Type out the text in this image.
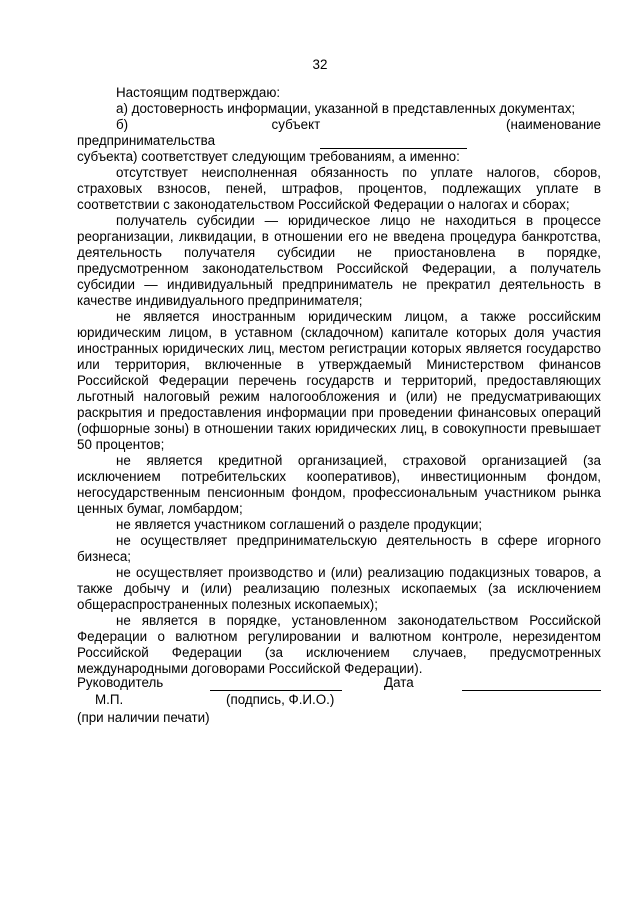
32

Настоящим подтверждаю:

а) достоверность информации, указанной в представленных документах;

б) субъект предпринимательства
(наименование

субъекта) соответствует следующим требованиям, а именно:

отсутствует неисполненная обязанность по уплате налогов, сборов, страховых взносов, пеней, штрафов, процентов, подлежащих уплате в соответствии с законодательством Российской Федерации о налогах и сборах;

получатель субсидии — юридическое лицо не находиться в процессе реорганизации, ликвидации, в отношении его не введена процедура банкротства, деятельность получателя субсидии не приостановлена в порядке, предусмотренном законодательством Российской Федерации, а получатель субсидии — индивидуальный предприниматель не прекратил деятельность в качестве индивидуального предпринимателя;

не является иностранным юридическим лицом, а также российским юридическим лицом, в уставном (складочном) капитале которых доля участия иностранных юридических лиц, местом регистрации которых является государство или территория, включенные в утверждаемый Министерством финансов Российской Федерации перечень государств и территорий, предоставляющих льготный налоговый режим налогообложения и (или) не предусматривающих раскрытия и предоставления информации при проведении финансовых операций (офшорные зоны) в отношении таких юридических лиц, в совокупности превышает 50 процентов;

не является кредитной организацией, страховой организацией (за исключением потребительских кооперативов), инвестиционным фондом, негосударственным пенсионным фондом, профессиональным участником рынка ценных бумаг, ломбардом;

не является участником соглашений о разделе продукции;

не осуществляет предпринимательскую деятельность в сфере игорного бизнеса;

не осуществляет производство и (или) реализацию подакцизных товаров, а также добычу и (или) реализацию полезных ископаемых (за исключением общераспространенных полезных ископаемых);

не является в порядке, установленном законодательством Российской Федерации о валютном регулировании и валютном контроле, нерезидентом Российской Федерации (за исключением случаев, предусмотренных международными договорами Российской Федерации).

Руководитель	Дата
М.П.	(подпись, Ф.И.О.)
(при наличии печати)
